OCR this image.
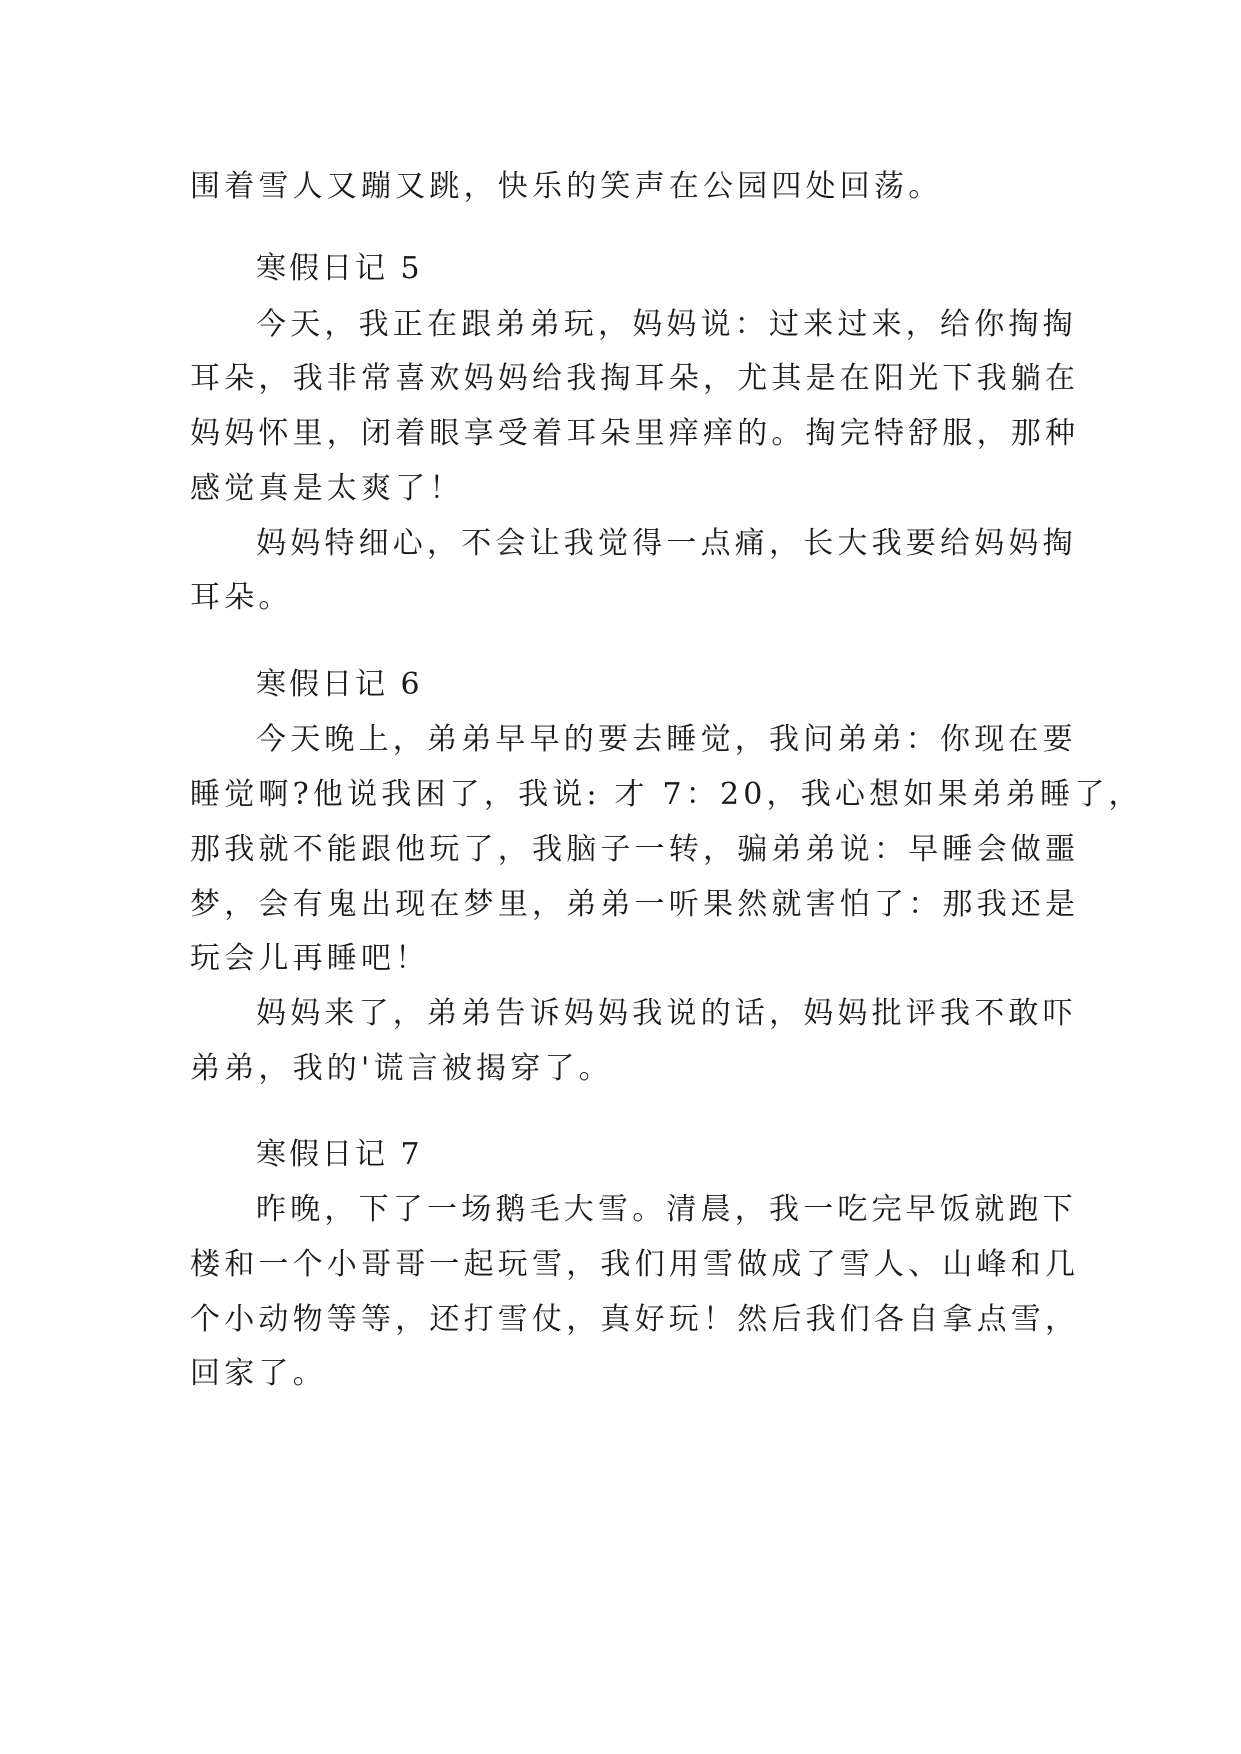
围着雪人又蹦又跳，快乐的笑声在公园四处回荡。
寒假日记 5
今天，我正在跟弟弟玩，妈妈说：过来过来，给你掏掏
耳朵，我非常喜欢妈妈给我掏耳朵，尤其是在阳光下我躺在
妈妈怀里，闭着眼享受着耳朵里痒痒的。掏完特舒服，那种
感觉真是太爽了！
妈妈特细心，不会让我觉得一点痛，长大我要给妈妈掏
耳朵。
寒假日记 6
今天晚上，弟弟早早的要去睡觉，我问弟弟：你现在要
睡觉啊?他说我困了，我说: 才 7：20，我心想如果弟弟睡了，
那我就不能跟他玩了，我脑子一转，骗弟弟说：早睡会做噩
梦，会有鬼出现在梦里，弟弟一听果然就害怕了：那我还是
玩会儿再睡吧！
妈妈来了，弟弟告诉妈妈我说的话，妈妈批评我不敢吓
弟弟，我的'谎言被揭穿了。
寒假日记 7
昨晚，下了一场鹅毛大雪。清晨，我一吃完早饭就跑下
楼和一个小哥哥一起玩雪，我们用雪做成了雪人、山峰和几
个小动物等等，还打雪仗，真好玩！然后我们各自拿点雪，
回家了。
